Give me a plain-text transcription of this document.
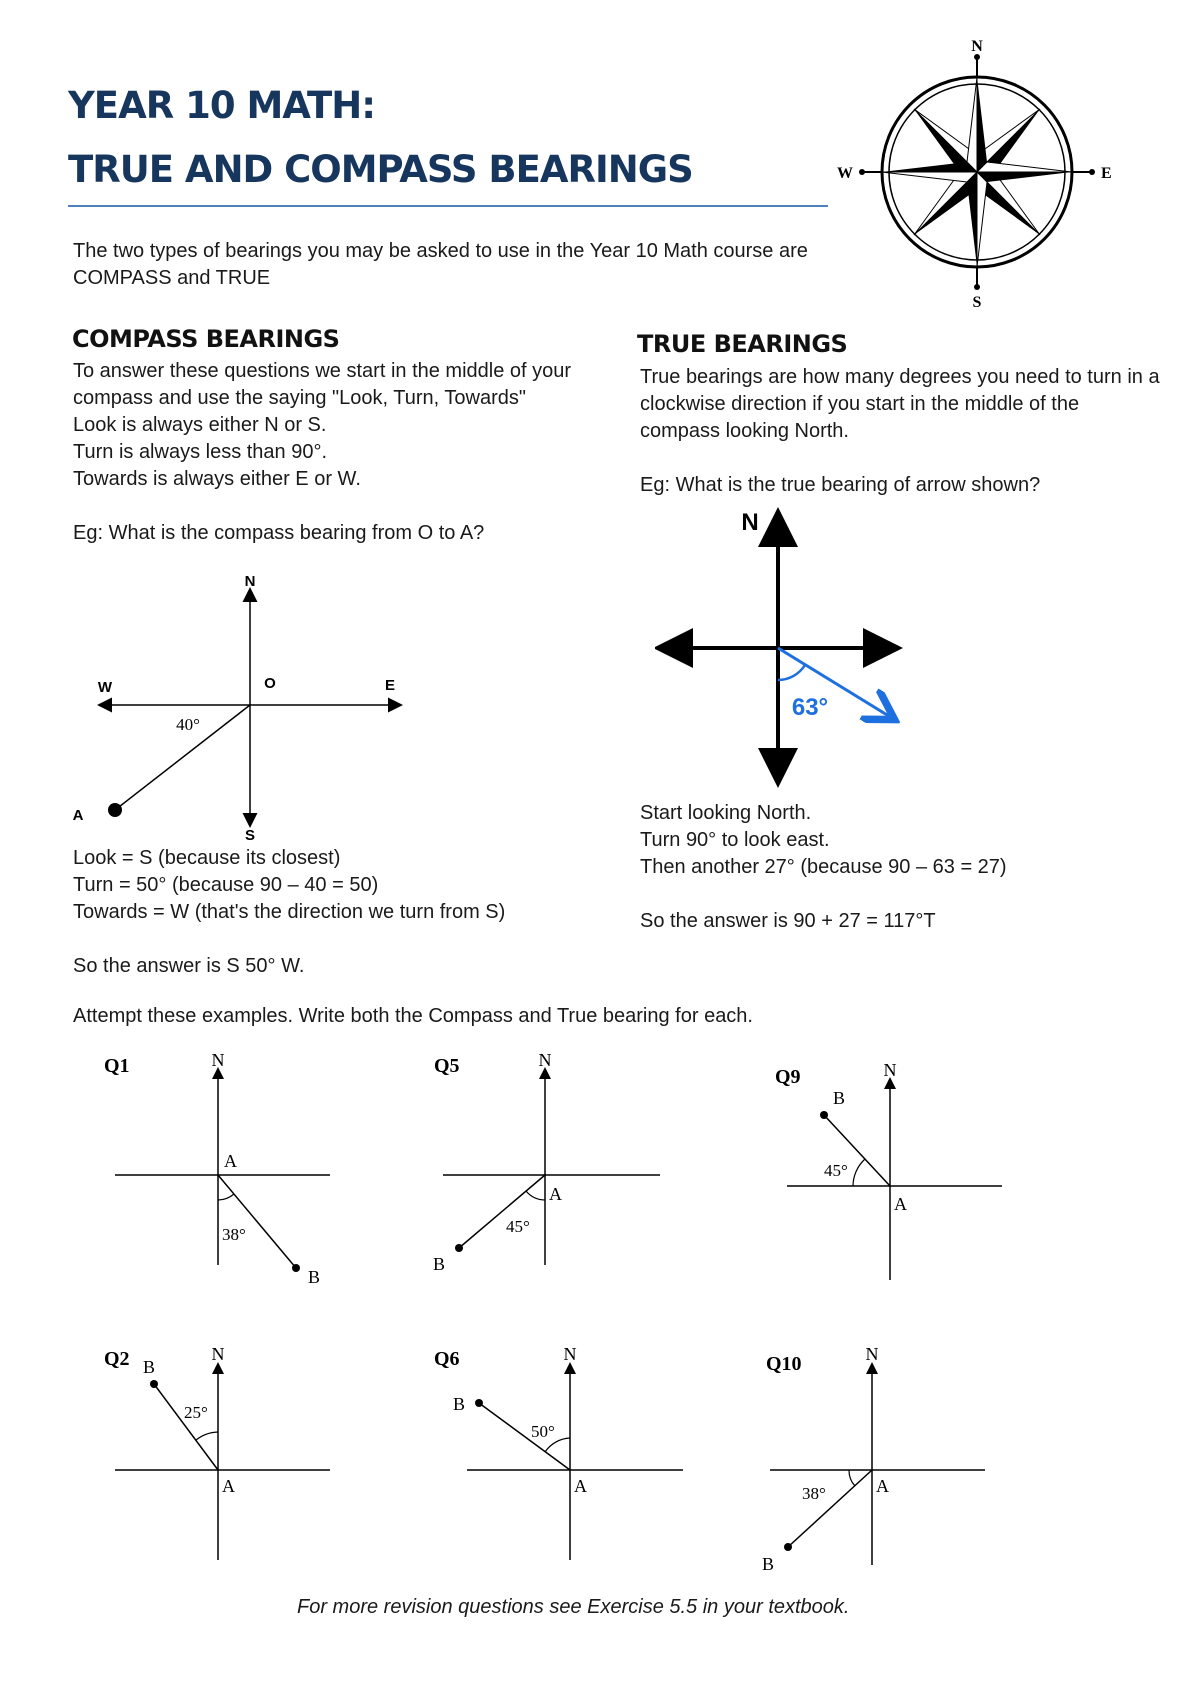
YEAR 10 MATH:
TRUE AND COMPASS BEARINGS
N
S
E
W
The two types of bearings you may be asked to use in the Year 10 Math course are COMPASS and TRUE
COMPASS BEARINGS
To answer these questions we start in the middle of your compass and use the saying "Look, Turn, Towards"
Look is always either N or S.
Turn is always less than 90°.
Towards is always either E or W.

Eg: What is the compass bearing from O to A?
N
S
E
W	O
A
40°
Look = S (because its closest)
Turn = 50° (because 90 – 40 = 50)
Towards = W (that's the direction we turn from S)

So the answer is S 50° W.
TRUE BEARINGS
True bearings are how many degrees you need to turn in a clockwise direction if you start in the middle of the compass looking North.

Eg: What is the true bearing of arrow shown?
N
63°
Start looking North.
Turn 90° to look east.
Then another 27° (because 90 – 63 = 27)

So the answer is 90 + 27 = 117°T
Attempt these examples. Write both the Compass and True bearing for each.
Q1	N
A
B
38°
Q5	N
A
B
45°
Q9	N
A
B
45°
Q2	N
A
B
25°
Q6	N
A
B
50°
Q10	N
A
B
38°
For more revision questions see Exercise 5.5 in your textbook.
